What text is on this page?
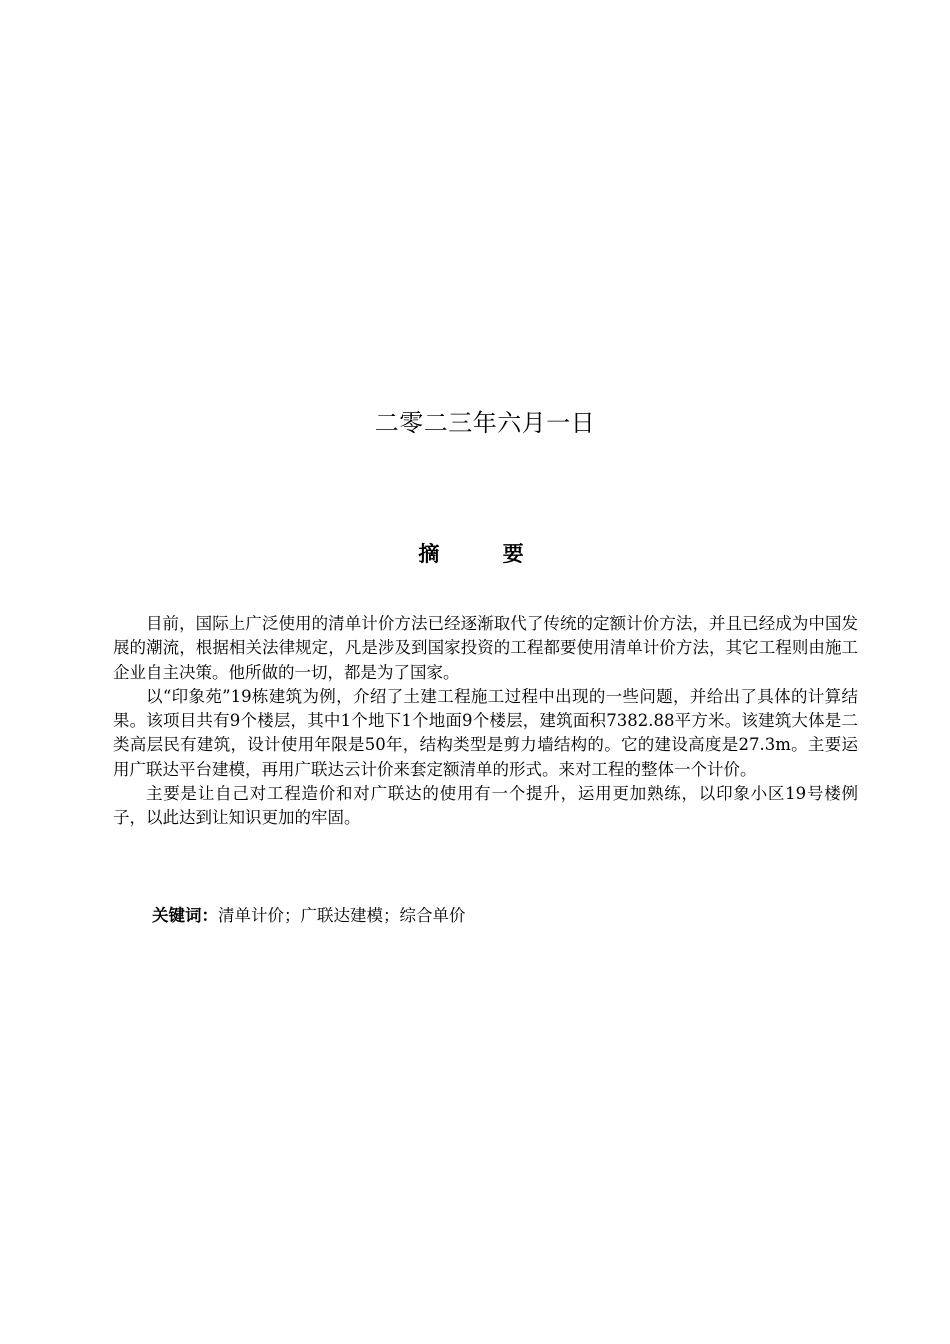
二零二三年六月一日
摘 要

目前，国际上广泛使用的清单计价方法已经逐渐取代了传统的定额计价方法，并且已经成为中国发展的潮流，根据相关法律规定，凡是涉及到国家投资的工程都要使用清单计价方法，其它工程则由施工企业自主决策。他所做的一切，都是为了国家。

以“印象苑”19栋建筑为例，介绍了土建工程施工过程中出现的一些问题，并给出了具体的计算结果。该项目共有9个楼层，其中1个地下1个地面9个楼层，建筑面积7382.88平方米。该建筑大体是二类高层民有建筑，设计使用年限是50年，结构类型是剪力墙结构的。它的建设高度是27.3m。主要运用广联达平台建模，再用广联达云计价来套定额清单的形式。来对工程的整体一个计价。

主要是让自己对工程造价和对广联达的使用有一个提升，运用更加熟练，以印象小区19号楼例子，以此达到让知识更加的牢固。

关键词：清单计价；广联达建模；综合单价
